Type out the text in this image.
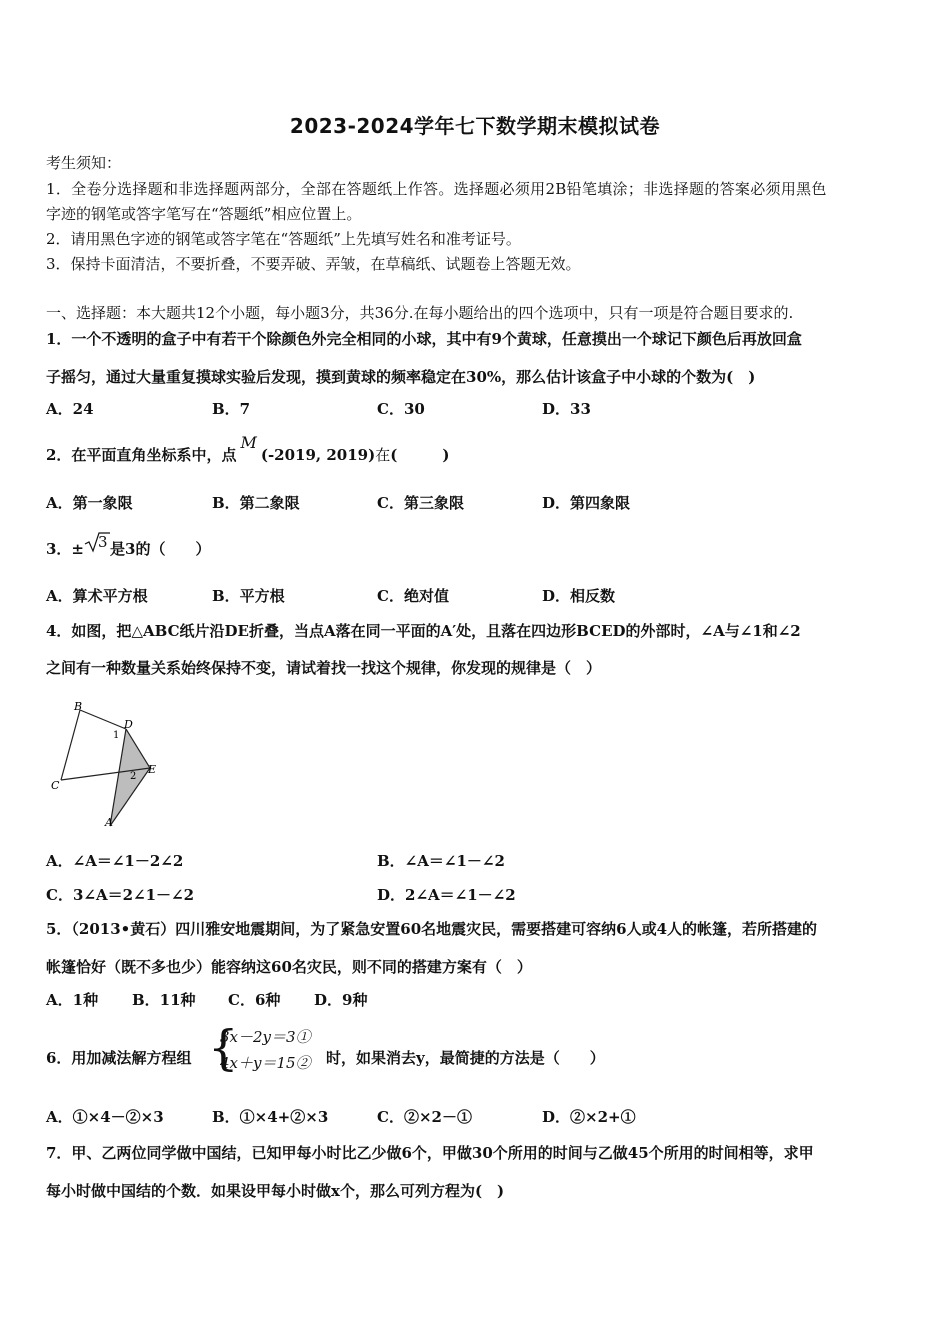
2023-2024学年七下数学期末模拟试卷
考生须知：
1．全卷分选择题和非选择题两部分，全部在答题纸上作答。选择题必须用2B铅笔填涂；非选择题的答案必须用黑色
字迹的钢笔或答字笔写在“答题纸”相应位置上。
2．请用黑色字迹的钢笔或答字笔在“答题纸”上先填写姓名和准考证号。
3．保持卡面清洁，不要折叠，不要弄破、弄皱，在草稿纸、试题卷上答题无效。
一、选择题：本大题共12个小题，每小题3分，共36分.在每小题给出的四个选项中，只有一项是符合题目要求的.
1．一个不透明的盒子中有若干个除颜色外完全相同的小球，其中有9个黄球，任意摸出一个球记下颜色后再放回盒
子摇匀，通过大量重复摸球实验后发现，摸到黄球的频率稳定在30%，那么估计该盒子中小球的个数为(　)
A．24	B．7	C．30	D．33
2．在平面直角坐标系中，点M(-2019, 2019)在(　　　)
A．第一象限	B．第二象限	C．第三象限	D．第四象限
3．± 3 是3的（　　）
A．算术平方根	B．平方根	C．绝对值	D．相反数
4．如图，把△ABC纸片沿DE折叠，当点A落在同一平面的A′处，且落在四边形BCED的外部时，∠A与∠1和∠2
之间有一种数量关系始终保持不变，请试着找一找这个规律，你发现的规律是（　）
B
D
1
C
2
E
A
A．∠A＝∠1－2∠2	B．∠A＝∠1－∠2
C．3∠A＝2∠1－∠2	D．2∠A＝∠1－∠2
5．（2013•黄石）四川雅安地震期间，为了紧急安置60名地震灾民，需要搭建可容纳6人或4人的帐篷，若所搭建的
帐篷恰好（既不多也少）能容纳这60名灾民，则不同的搭建方案有（　）
A．1种 B．11种 C．6种 D．9种
6．用加减法解方程组 {
3x－2y＝3①
4x＋y＝15② 时，如果消去y，最简捷的方法是（　　）
A．①×4－②×3	B．①×4+②×3	C．②×2－①	D．②×2+①
7．甲、乙两位同学做中国结，已知甲每小时比乙少做6个，甲做30个所用的时间与乙做45个所用的时间相等，求甲
每小时做中国结的个数．如果设甲每小时做x个，那么可列方程为(　)
